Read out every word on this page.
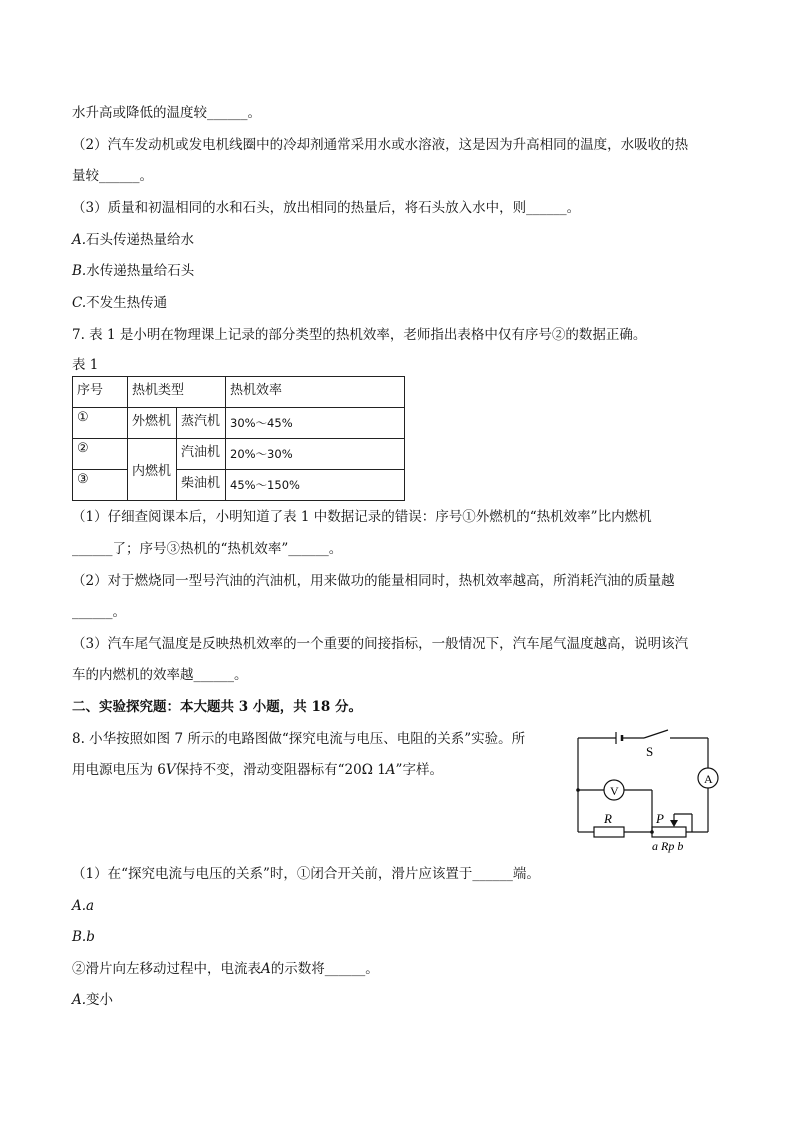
水升高或降低的温度较______。
（2）汽车发动机或发电机线圈中的冷却剂通常采用水或水溶液，这是因为升高相同的温度，水吸收的热
量较______。
（3）质量和初温相同的水和石头，放出相同的热量后，将石头放入水中，则______。
A.石头传递热量给水
B.水传递热量给石头
C.不发生热传通
7. 表 1 是小明在物理课上记录的部分类型的热机效率，老师指出表格中仅有序号②的数据正确。
表 1
序号	热机类型		热机效率
①	外燃机	蒸汽机	30%～45%
②	内燃机	汽油机	20%～30%
③		柴油机	45%～150%
（1）仔细查阅课本后，小明知道了表 1 中数据记录的错误：序号①外燃机的“热机效率”比内燃机
______了；序号③热机的“热机效率”______。
（2）对于燃烧同一型号汽油的汽油机，用来做功的能量相同时，热机效率越高，所消耗汽油的质量越
______。
（3）汽车尾气温度是反映热机效率的一个重要的间接指标，一般情况下，汽车尾气温度越高，说明该汽
车的内燃机的效率越______。
二、实验探究题：本大题共 3 小题，共 18 分。
8. 小华按照如图 7 所示的电路图做“探究电流与电压、电阻的关系”实验。所
用电源电压为 6V保持不变，滑动变阻器标有“20Ω 1A”字样。
S
A
V
R	P
a Rp b
（1）在“探究电流与电压的关系”时，①闭合开关前，滑片应该置于______端。
A.a
B.b
②滑片向左移动过程中，电流表A的示数将______。
A.变小
